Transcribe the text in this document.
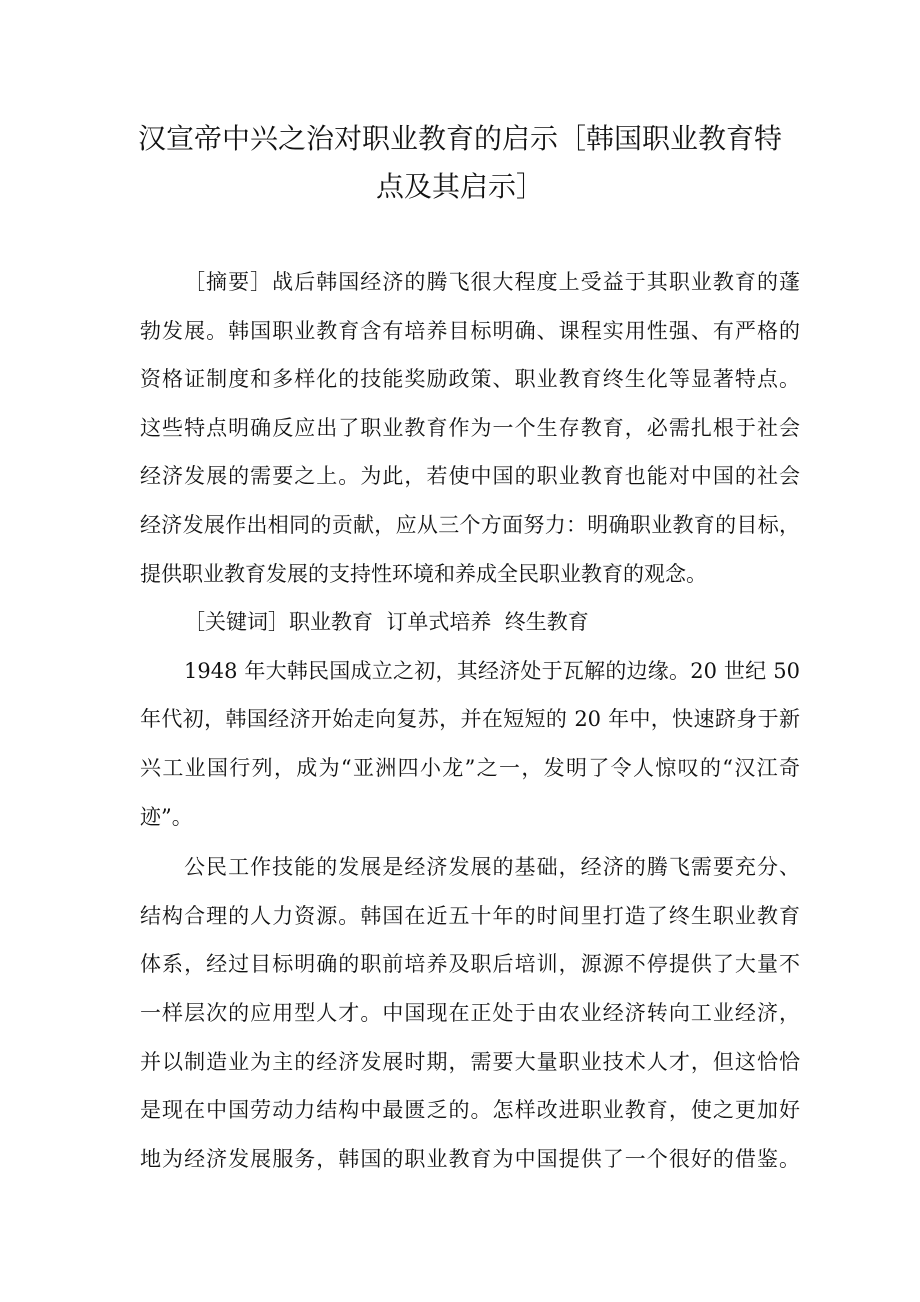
汉宣帝中兴之治对职业教育的启示［韩国职业教育特
点及其启示］
［摘要］战后韩国经济的腾飞很大程度上受益于其职业教育的蓬
勃发展。韩国职业教育含有培养目标明确、课程实用性强、有严格的
资格证制度和多样化的技能奖励政策、职业教育终生化等显著特点。
这些特点明确反应出了职业教育作为一个生存教育，必需扎根于社会
经济发展的需要之上。为此，若使中国的职业教育也能对中国的社会
经济发展作出相同的贡献，应从三个方面努力：明确职业教育的目标，
提供职业教育发展的支持性环境和养成全民职业教育的观念。
［关键词］职业教育  订单式培养  终生教育
1948 年大韩民国成立之初，其经济处于瓦解的边缘。20 世纪 50
年代初，韩国经济开始走向复苏，并在短短的 20 年中，快速跻身于新
兴工业国行列，成为“亚洲四小龙”之一，发明了令人惊叹的“汉江奇
迹”。
公民工作技能的发展是经济发展的基础，经济的腾飞需要充分、
结构合理的人力资源。韩国在近五十年的时间里打造了终生职业教育
体系，经过目标明确的职前培养及职后培训，源源不停提供了大量不
一样层次的应用型人才。中国现在正处于由农业经济转向工业经济，
并以制造业为主的经济发展时期，需要大量职业技术人才，但这恰恰
是现在中国劳动力结构中最匮乏的。怎样改进职业教育，使之更加好
地为经济发展服务，韩国的职业教育为中国提供了一个很好的借鉴。
